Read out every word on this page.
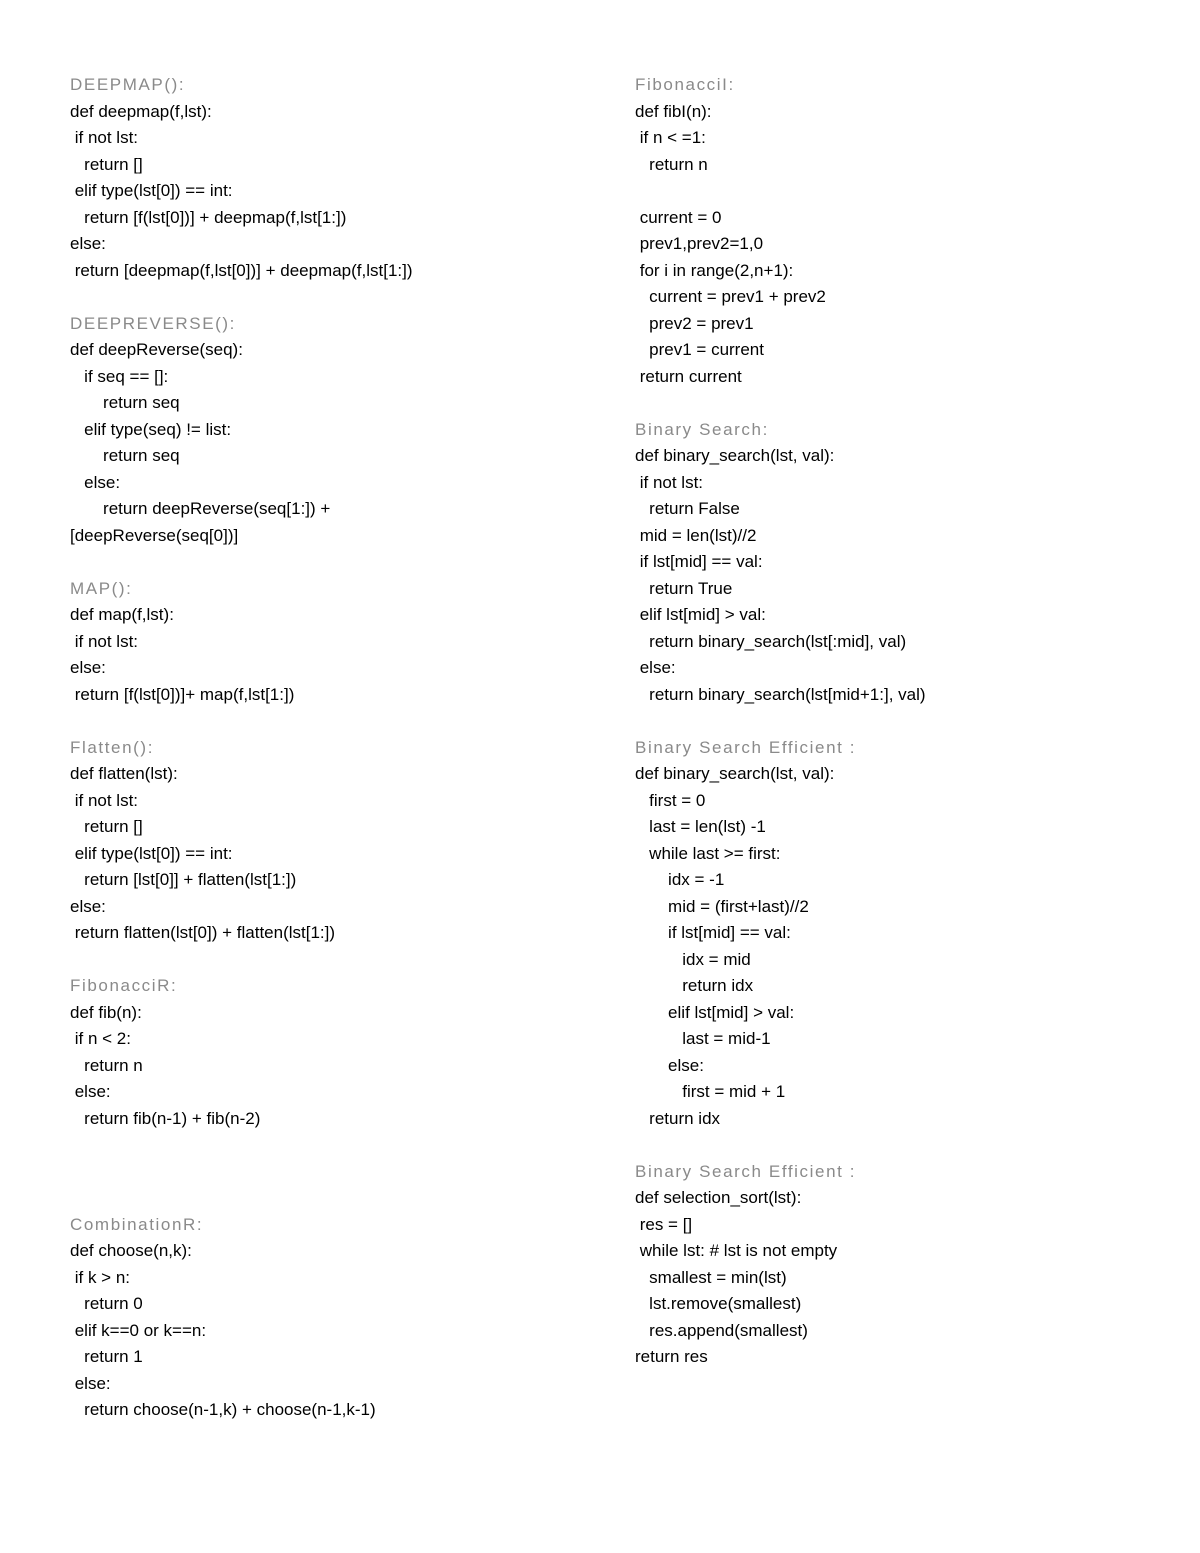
DEEPMAP():
def deepmap(f,lst):
if not lst:
return []
elif type(lst[0]) == int:
return [f(lst[0])] + deepmap(f,lst[1:])
else:
return [deepmap(f,lst[0])] + deepmap(f,lst[1:])
DEEPREVERSE():
def deepReverse(seq):
if seq == []:
return seq
elif type(seq) != list:
return seq
else:
return deepReverse(seq[1:]) +
[deepReverse(seq[0])]
MAP():
def map(f,lst):
if not lst:
else:
return [f(lst[0])]+ map(f,lst[1:])
Flatten():
def flatten(lst):
if not lst:
return []
elif type(lst[0]) == int:
return [lst[0]] + flatten(lst[1:])
else:
return flatten(lst[0]) + flatten(lst[1:])
FibonacciR:
def fib(n):
if n < 2:
return n
else:
return fib(n-1) + fib(n-2)
CombinationR:
def choose(n,k):
if k > n:
return 0
elif k==0 or k==n:
return 1
else:
return choose(n-1,k) + choose(n-1,k-1)
FibonacciI:
def fibI(n):
if n < =1:
return n
current = 0
prev1,prev2=1,0
for i in range(2,n+1):
current = prev1 + prev2
prev2 = prev1
prev1 = current
return current
Binary Search:
def binary_search(lst, val):
if not lst:
return False
mid = len(lst)//2
if lst[mid] == val:
return True
elif lst[mid] > val:
return binary_search(lst[:mid], val)
else:
return binary_search(lst[mid+1:], val)
Binary Search Efficient :
def binary_search(lst, val):
first = 0
last = len(lst) -1
while last >= first:
idx = -1
mid = (first+last)//2
if lst[mid] == val:
idx = mid
return idx
elif lst[mid] > val:
last = mid-1
else:
first = mid + 1
return idx
Binary Search Efficient :
def selection_sort(lst):
res = []
while lst: # lst is not empty
smallest = min(lst)
lst.remove(smallest)
res.append(smallest)
return res
